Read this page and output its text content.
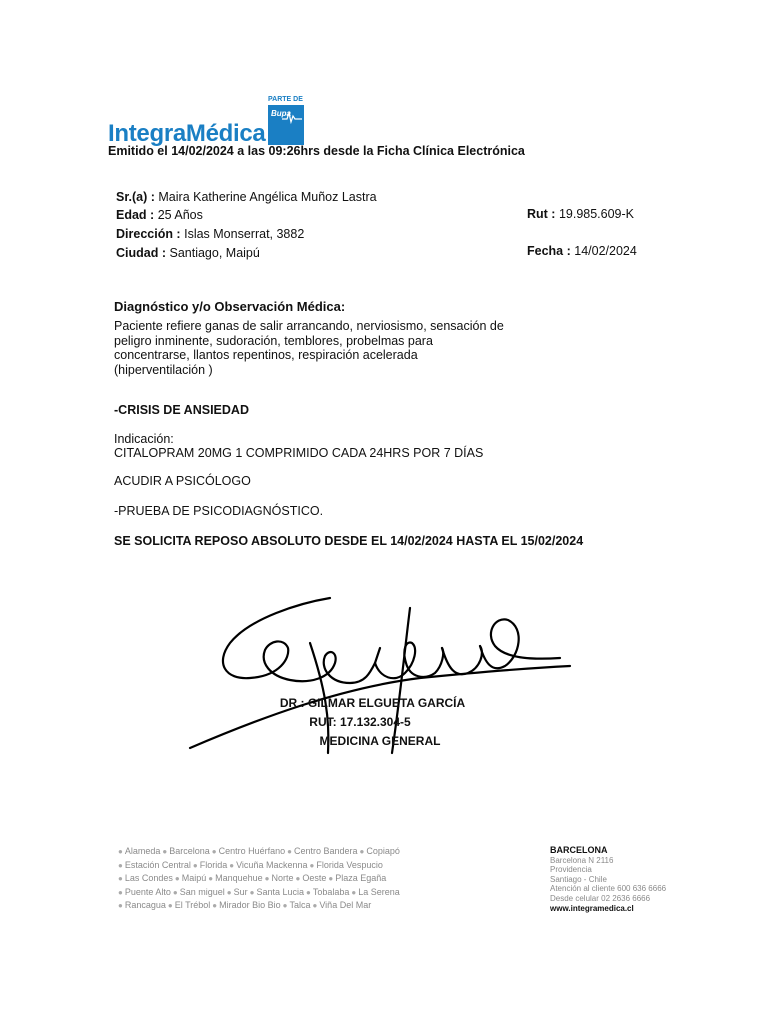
PARTE DE
Bupa
IntegraMédica
Emitido el 14/02/2024 a las 09:26hrs desde la Ficha Clínica Electrónica
Sr.(a) : Maira Katherine Angélica Muñoz Lastra
Edad : 25 Años
Dirección : Islas Monserrat, 3882
Ciudad : Santiago, Maipú
Rut : 19.985.609-K
Fecha : 14/02/2024
Diagnóstico y/o Observación Médica:
Paciente refiere ganas de salir arrancando, nerviosismo, sensación de peligro inminente, sudoración, temblores, probelmas para concentrarse, llantos repentinos, respiración acelerada (hiperventilación )
-CRISIS DE ANSIEDAD
Indicación:
CITALOPRAM 20MG 1 COMPRIMIDO CADA 24HRS POR 7 DÍAS
ACUDIR A PSICÓLOGO
-PRUEBA DE PSICODIAGNÓSTICO.
SE SOLICITA REPOSO ABSOLUTO DESDE EL 14/02/2024 HASTA EL 15/02/2024
DR : GILMAR ELGUETA GARCÍA
RUT: 17.132.304-5
MEDICINA GENERAL
● Alameda ● Barcelona ● Centro Huérfano ● Centro Bandera ● Copiapó
● Estación Central ● Florida ● Vicuña Mackenna ● Florida Vespucio
● Las Condes ● Maipú ● Manquehue ● Norte ● Oeste ● Plaza Egaña
● Puente Alto ● San miguel ● Sur ● Santa Lucia ● Tobalaba ● La Serena
● Rancagua ● El Trébol ● Mirador Bio Bio ● Talca ● Viña Del Mar
BARCELONA
Barcelona N 2116
Providencia
Santiago - Chile
Atención al cliente 600 636 6666
Desde celular 02 2636 6666
www.integramedica.cl
